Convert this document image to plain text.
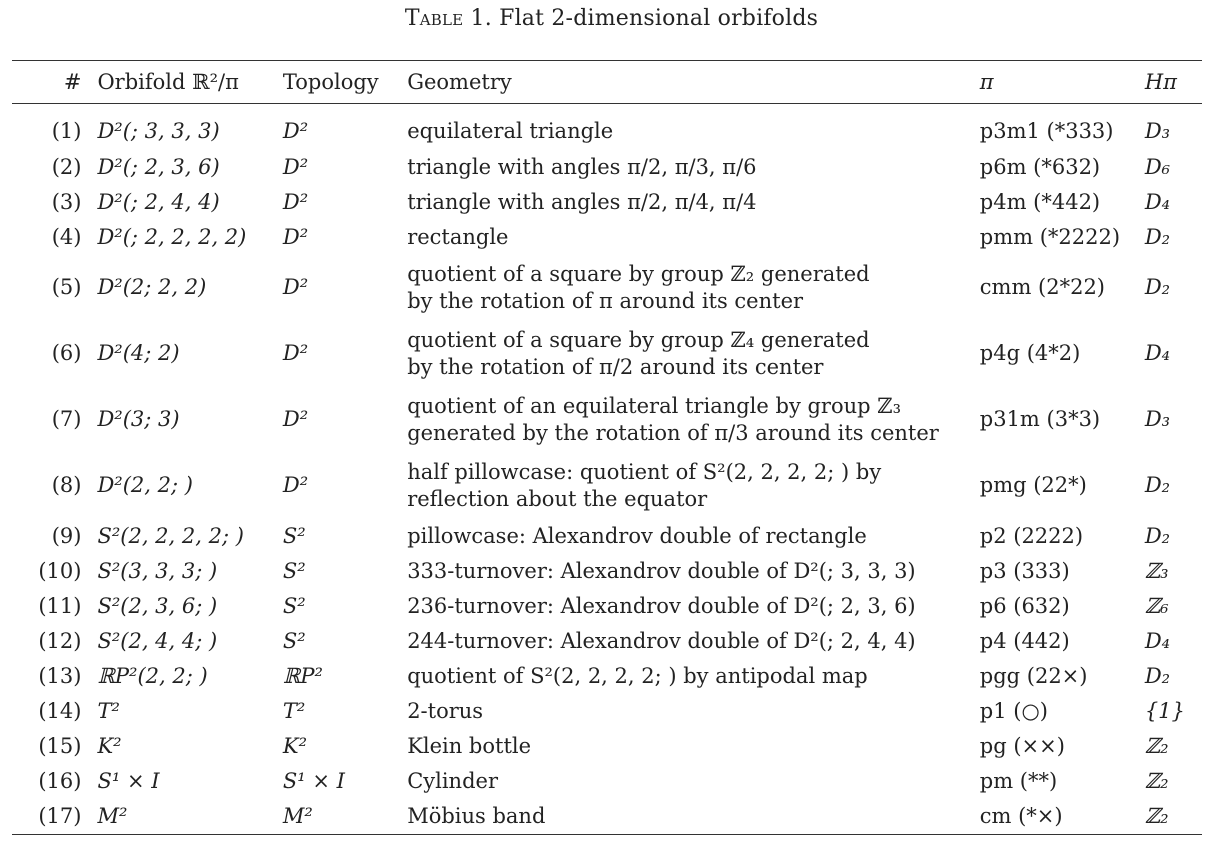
Table 1. Flat 2-dimensional orbifolds
#	Orbifold ℝ²/π	Topology	Geometry	π	Hπ
(1)	D²(; 3, 3, 3)	D²	equilateral triangle	p3m1 (*333)	D₃
(2)	D²(; 2, 3, 6)	D²	triangle with angles π/2, π/3, π/6	p6m (*632)	D₆
(3)	D²(; 2, 4, 4)	D²	triangle with angles π/2, π/4, π/4	p4m (*442)	D₄
(4)	D²(; 2, 2, 2, 2)	D²	rectangle	pmm (*2222)	D₂
(5)	D²(2; 2, 2)	D²	quotient of a square by group ℤ₂ generated
by the rotation of π around its center	cmm (2*22)	D₂
(6)	D²(4; 2)	D²	quotient of a square by group ℤ₄ generated
by the rotation of π/2 around its center	p4g (4*2)	D₄
(7)	D²(3; 3)	D²	quotient of an equilateral triangle by group ℤ₃
generated by the rotation of π/3 around its center	p31m (3*3)	D₃
(8)	D²(2, 2; )	D²	half pillowcase: quotient of S²(2, 2, 2, 2; ) by
reflection about the equator	pmg (22*)	D₂
(9)	S²(2, 2, 2, 2; )	S²	pillowcase: Alexandrov double of rectangle	p2 (2222)	D₂
(10)	S²(3, 3, 3; )	S²	333-turnover: Alexandrov double of D²(; 3, 3, 3)	p3 (333)	ℤ₃
(11)	S²(2, 3, 6; )	S²	236-turnover: Alexandrov double of D²(; 2, 3, 6)	p6 (632)	ℤ₆
(12)	S²(2, 4, 4; )	S²	244-turnover: Alexandrov double of D²(; 2, 4, 4)	p4 (442)	D₄
(13)	ℝP²(2, 2; )	ℝP²	quotient of S²(2, 2, 2, 2; ) by antipodal map	pgg (22×)	D₂
(14)	T²	T²	2-torus	p1 (○)	{1}
(15)	K²	K²	Klein bottle	pg (××)	ℤ₂
(16)	S¹ × I	S¹ × I	Cylinder	pm (**)	ℤ₂
(17)	M²	M²	Möbius band	cm (*×)	ℤ₂
